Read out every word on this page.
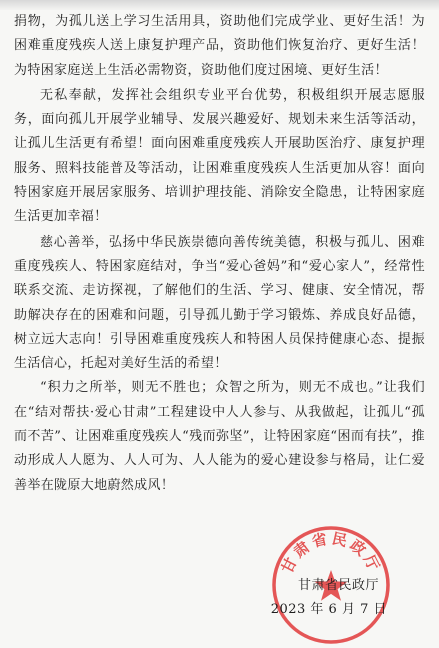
捐物，为孤儿送上学习生活用具，资助他们完成学业、更好生活！为困难重度残疾人送上康复护理产品，资助他们恢复治疗、更好生活！为特困家庭送上生活必需物资，资助他们度过困境、更好生活！

无私奉献，发挥社会组织专业平台优势，积极组织开展志愿服务，面向孤儿开展学业辅导、发展兴趣爱好、规划未来生活等活动，让孤儿生活更有希望！面向困难重度残疾人开展助医治疗、康复护理服务、照料技能普及等活动，让困难重度残疾人生活更加从容！面向特困家庭开展居家服务、培训护理技能、消除安全隐患，让特困家庭生活更加幸福！

慈心善举，弘扬中华民族崇德向善传统美德，积极与孤儿、困难重度残疾人、特困家庭结对，争当“爱心爸妈”和“爱心家人”，经常性联系交流、走访探视，了解他们的生活、学习、健康、安全情况，帮助解决存在的困难和问题，引导孤儿勤于学习锻炼、养成良好品德，树立远大志向！引导困难重度残疾人和特困人员保持健康心态、提振生活信心，托起对美好生活的希望！

“积力之所举，则无不胜也；众智之所为，则无不成也。”让我们在“结对帮扶·爱心甘肃”工程建设中人人参与、从我做起，让孤儿“孤而不苦”、让困难重度残疾人“残而弥坚”，让特困家庭“困而有扶”，推动形成人人愿为、人人可为、人人能为的爱心建设参与格局，让仁爱善举在陇原大地蔚然成风！

甘肃省民政厅
甘肃省民政厅
2023 年 6 月 7 日
